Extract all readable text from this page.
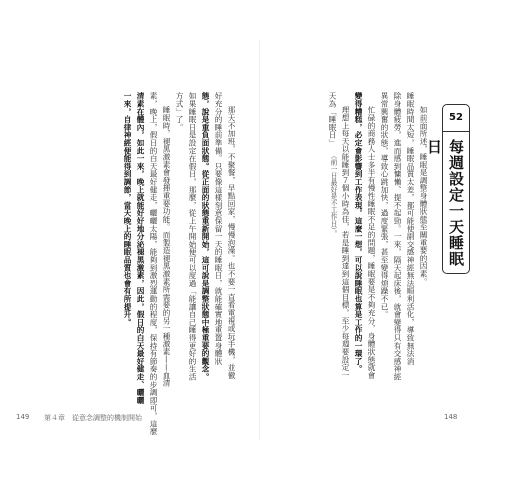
52
每週設定一天睡眠日
如前面所述，睡眠是調整身體狀態至關重要的因素。
睡眠時間太短，睡眠品質太差，都可能使副交感神經無法順利活化，導致無法消
除身體疲勞，進而感到慵懶、提不起勁。一來，隔天起床後，就會變得只有交感神經
異常興奮的狀態，導致心跳加快，過度緊張，甚至變得煩躁不已。
忙碌的商務人士多半有慢性睡眠不足的問題，睡眠要是不夠充分，身體狀態就會
變得糟糕，必定會影響到工作表現，這麼一想，可以說睡眠也算是工作的一環了。
理想上每天以能睡到７個小時為佳，若是睡到達到這個目標，至少每週要設定一
天為「睡眠日」
（前一日最好是不工作日）。
148
那天不加班，不聚餐，早點回家，慢慢泡澡。也不要一直看電視或玩手機，並徹
好充分的睡前準備。只要像這樣刻意保留一天的睡眠日，就能確實地重置身體狀
態，說是重負面狀態。從正面的狀態重新開始，這可說是調整狀態中極重要的觀念。
如果睡眠日是設定在假日，那麼，從上午開始便可以度過「能讓自己睡得更好的生活
方式」了。
睡眠時，褪黑激素會發揮重要功能。而製造褪黑激素所需要的另一種激素——血清
素，晚上，假日的白天最好健走，曬曬太陽，能夠到激烈運動的程度，保持有節奏的步調即可，這麼
清素在體內，如此一來，晚上就能好好地分泌褪黑激素，因此，假日的白天最好健走、曬曬
一來，自律神經便能得到調節，當天晚上的睡眠品質也會有所提升。
149 第４章　從意念調整的機制開始
